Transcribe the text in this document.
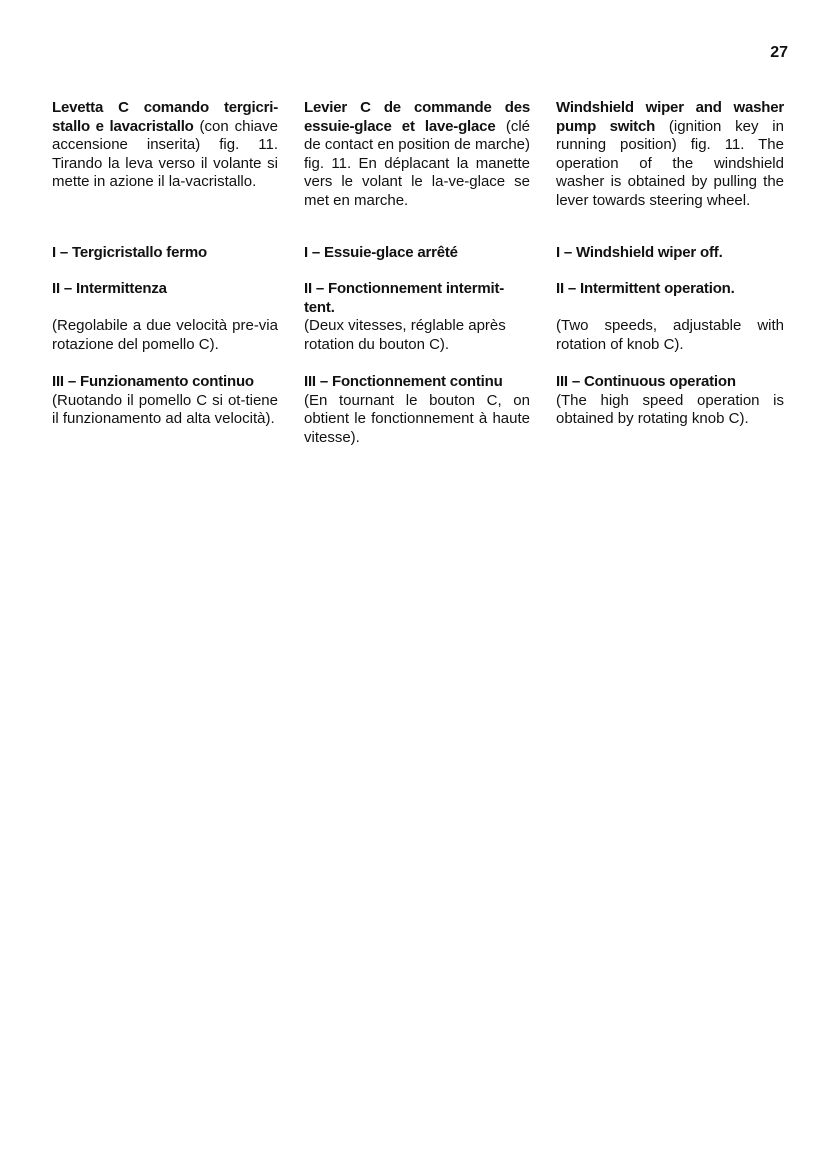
27

Levetta C comando tergicri-stallo e lavacristallo (con chiave accensione inserita) fig. 11. Tirando la leva verso il volante si mette in azione il la-vacristallo.

I – Tergicristallo fermo

II – Intermittenza

(Regolabile a due velocità pre-via rotazione del pomello C).

III – Funzionamento continuo
(Ruotando il pomello C si ot-tiene il funzionamento ad alta velocità).

Levier C de commande des essuie-glace et lave-glace (clé de contact en position de marche) fig. 11. En déplacant la manette vers le volant le la-ve-glace se met en marche.

I – Essuie-glace arrêté

II – Fonctionnement intermit-tent.

(Deux vitesses, réglable après rotation du bouton C).

III – Fonctionnement continu
(En tournant le bouton C, on obtient le fonctionnement à haute vitesse).

Windshield wiper and washer pump switch (ignition key in running position) fig. 11. The operation of the windshield washer is obtained by pulling the lever towards steering wheel.

I – Windshield wiper off.

II – Intermittent operation.

(Two speeds, adjustable with rotation of knob C).

III – Continuous operation
(The high speed operation is obtained by rotating knob C).
